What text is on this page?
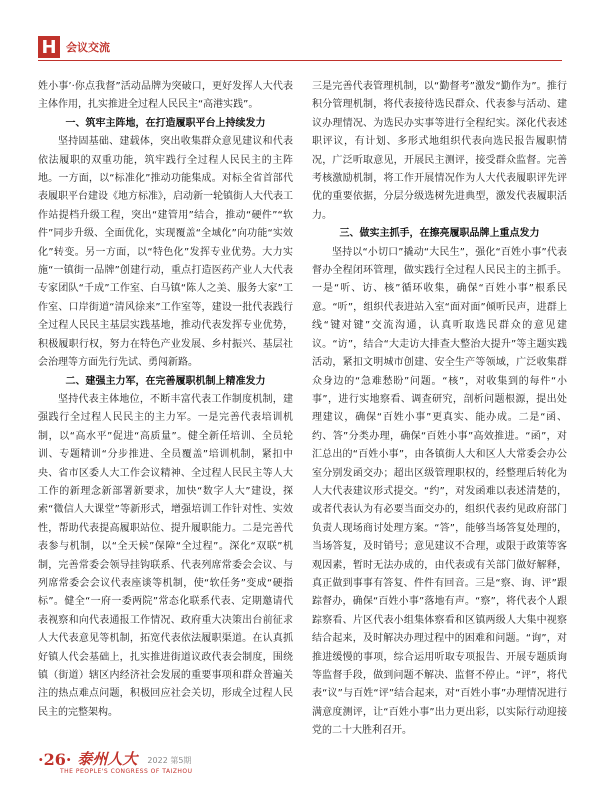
H 会议交流

姓小事’·你点我督”活动品牌为突破口，更好发挥人大代表主体作用，扎实推进全过程人民民主“高港实践”。

一、筑牢主阵地，在打造履职平台上持续发力

坚持固基础、建载体，突出收集群众意见建议和代表依法履职的双重功能，筑牢践行全过程人民民主的主阵地。一方面，以“标准化”推动功能集成。对标全省首部代表履职平台建设《地方标准》，启动新一轮镇街人大代表工作站提档升级工程，突出“建管用”结合，推动“硬件”“软件”同步升级、全面优化，实现覆盖“全域化”向功能“实效化”转变。另一方面，以“特色化”发挥专业优势。大力实施“一镇街一品牌”创建行动，重点打造医药产业人大代表专家团队“千成”工作室、白马镇“陈人之美、服务大家”工作室、口岸街道“清风徐来”工作室等，建设一批代表践行全过程人民民主基层实践基地，推动代表发挥专业优势，积极履职行权，努力在特色产业发展、乡村振兴、基层社会治理等方面先行先试、勇闯新路。

二、建强主力军，在完善履职机制上精准发力

坚持代表主体地位，不断丰富代表工作制度机制，建强践行全过程人民民主的主力军。一是完善代表培训机制，以“高水平”促进“高质量”。健全新任培训、全员轮训、专题精训“分步推进、全员覆盖”培训机制，紧扣中央、省市区委人大工作会议精神、全过程人民民主等人大工作的新理念新部署新要求，加快“数字人大”建设，探索“微信人大课堂”等新形式，增强培训工作针对性、实效性，帮助代表提高履职站位、提升履职能力。二是完善代表参与机制，以“全天候”保障“全过程”。深化“双联”机制，完善常委会领导挂钩联系、代表列席常委会会议、与列席常委会会议代表座谈等机制，使“软任务”变成“硬指标”。健全“一府一委两院”常态化联系代表、定期邀请代表视察和向代表通报工作情况、政府重大决策出台前征求人大代表意见等机制，拓宽代表依法履职渠道。在认真抓好镇人代会基础上，扎实推进街道议政代表会制度，围绕镇（街道）辖区内经济社会发展的重要事项和群众普遍关注的热点难点问题，积极回应社会关切，形成全过程人民民主的完整架构。

三是完善代表管理机制，以“勤督考”激发“勤作为”。推行积分管理机制，将代表接待选民群众、代表参与活动、建议办理情况、为选民办实事等进行全程纪实。深化代表述职评议，有计划、多形式地组织代表向选民报告履职情况，广泛听取意见，开展民主测评，接受群众监督。完善考核激励机制，将工作开展情况作为人大代表履职评先评优的重要依据，分层分级选树先进典型，激发代表履职活力。

三、做实主抓手，在擦亮履职品牌上重点发力

坚持以“小切口”撬动“大民生”，强化“百姓小事”代表督办全程闭环管理，做实践行全过程人民民主的主抓手。一是“听、访、核”循环收集，确保“百姓小事”根系民意。“听”，组织代表进站入室“面对面”倾听民声，进群上线“键对键”交流沟通，认真听取选民群众的意见建议。“访”，结合“大走访大排查大整治大提升”等主题实践活动，紧扣文明城市创建、安全生产等领域，广泛收集群众身边的“急难愁盼”问题。“核”，对收集到的每件“小事”，进行实地察看、调查研究，剖析问题根源，提出处理建议，确保“百姓小事”更真实、能办成。二是“函、约、答”分类办理，确保“百姓小事”高效推进。“函”，对汇总出的“百姓小事”，由各镇街人大和区人大常委会办公室分别发函交办；超出区级管理职权的，经整理后转化为人大代表建议形式提交。“约”，对发函难以表述清楚的，或者代表认为有必要当面交办的，组织代表约见政府部门负责人现场商讨处理方案。“答”，能够当场答复处理的，当场答复，及时销号；意见建议不合理，或限于政策等客观因素，暂时无法办成的，由代表或有关部门做好解释，真正做到事事有答复、件件有回音。三是“察、询、评”跟踪督办，确保“百姓小事”落地有声。“察”，将代表个人跟踪察看、片区代表小组集体察看和区镇两级人大集中视察结合起来，及时解决办理过程中的困难和问题。“询”，对推进缓慢的事项，综合运用听取专项报告、开展专题质询等监督手段，做到问题不解决、监督不停止。“评”，将代表“议”与百姓“评”结合起来，对“百姓小事”办理情况进行满意度测评，让“百姓小事”出力更出彩，以实际行动迎接党的二十大胜利召开。

·26· 泰州人大 2022 第5期
THE PEOPLE'S CONGRESS OF TAIZHOU
